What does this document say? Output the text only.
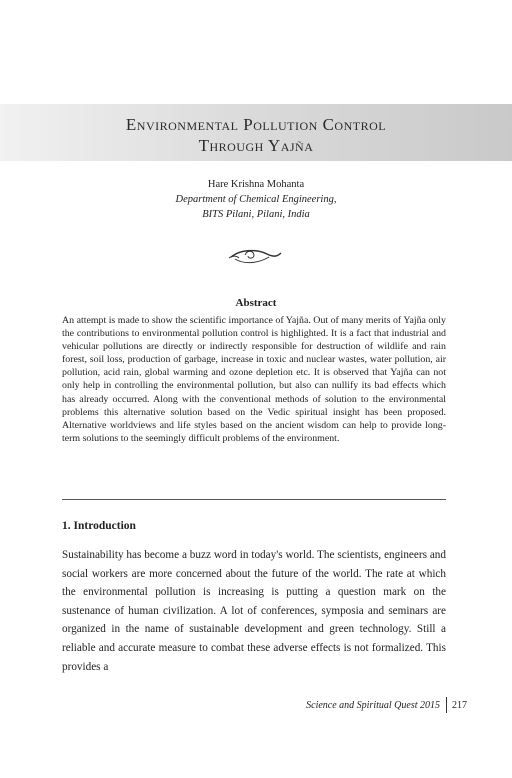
Environmental Pollution Control
Through Yajña
Hare Krishna Mohanta
Department of Chemical Engineering,
BITS Pilani, Pilani, India
Abstract

An attempt is made to show the scientific importance of Yajña. Out of many merits of Yajña only the contributions to environmental pollution control is highlighted. It is a fact that industrial and vehicular pollutions are directly or indirectly responsible for destruction of wildlife and rain forest, soil loss, production of garbage, increase in toxic and nuclear wastes, water pollution, air pollution, acid rain, global warming and ozone depletion etc. It is observed that Yajña can not only help in controlling the environmental pollution, but also can nullify its bad effects which has already occurred. Along with the conventional methods of solution to the environmental problems this alternative solution based on the Vedic spiritual insight has been proposed. Alternative worldviews and life styles based on the ancient wisdom can help to provide long-term solutions to the seemingly difficult problems of the environment.

1. Introduction

Sustainability has become a buzz word in today's world. The scientists, engineers and social workers are more concerned about the future of the world. The rate at which the environmental pollution is increasing is putting a question mark on the sustenance of human civilization. A lot of conferences, symposia and seminars are organized in the name of sustainable development and green technology. Still a reliable and accurate measure to combat these adverse effects is not formalized. This provides a

Science and Spiritual Quest 2015	217
